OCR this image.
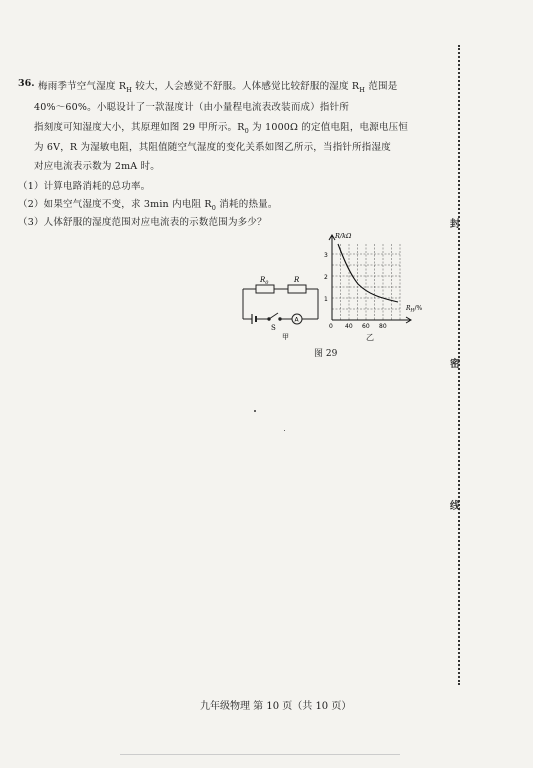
36. 梅雨季节空气湿度 $R_H$ 较大，人会感觉不舒服。人体感觉比较舒服的湿度 $R_H$ 范围是
40%～60%。小聪设计了一款湿度计（由小量程电流表改装而成）指针所
指刻度可知湿度大小，其原理如图 29 甲所示。$R_0$ 为 1000Ω 的定值电阻，电源电压恒
为 6V，R 为湿敏电阻，其阻值随空气湿度的变化关系如图乙所示，当指针所指湿度
对应电流表示数为 2mA 时。
（1）计算电路消耗的总功率。
（2）如果空气湿度不变，求 3min 内电阻 $R_0$ 消耗的热量。
（3）人体舒服的湿度范围对应电流表的示数范围为多少？
$R_0$	R
S
A
甲
R/kΩ
1
2
3
0 40 60 80
$R_H/\%$
乙
图 29
封
密
线
九年级物理 第 10 页（共 10 页）
